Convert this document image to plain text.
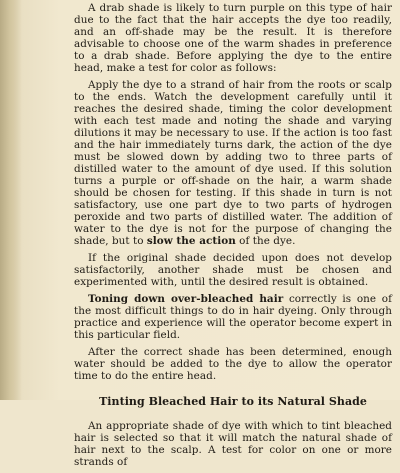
A drab shade is likely to turn purple on this type of hair due to the fact that the hair accepts the dye too readily, and an off-shade may be the result. It is therefore advisable to choose one of the warm shades in preference to a drab shade. Before applying the dye to the entire head, make a test for color as follows:

Apply the dye to a strand of hair from the roots or scalp to the ends. Watch the development carefully until it reaches the desired shade, timing the color development with each test made and noting the shade and varying dilutions it may be necessary to use. If the action is too fast and the hair immediately turns dark, the action of the dye must be slowed down by adding two to three parts of distilled water to the amount of dye used. If this solution turns a purple or off-shade on the hair, a warm shade should be chosen for testing. If this shade in turn is not satisfactory, use one part dye to two parts of hydrogen peroxide and two parts of distilled water. The addition of water to the dye is not for the purpose of changing the shade, but to slow the action of the dye.

If the original shade decided upon does not develop satisfactorily, another shade must be chosen and experimented with, until the desired result is obtained.

Toning down over-bleached hair correctly is one of the most difficult things to do in hair dyeing. Only through practice and experience will the operator become expert in this particular field.

After the correct shade has been determined, enough water should be added to the dye to allow the operator time to do the entire head.

Tinting Bleached Hair to its Natural Shade

An appropriate shade of dye with which to tint bleached hair is selected so that it will match the natural shade of hair next to the scalp. A test for color on one or more strands of
